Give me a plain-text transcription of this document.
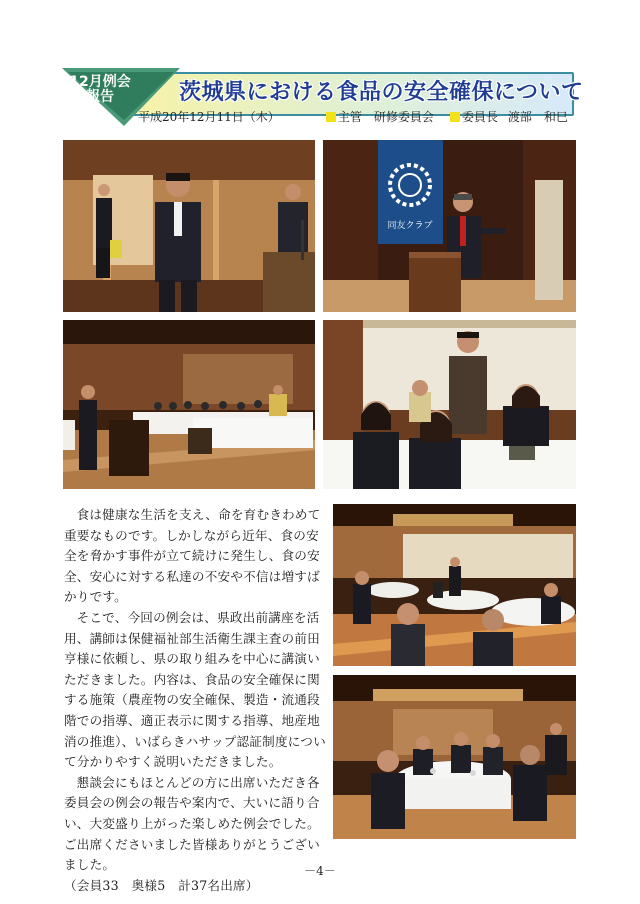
12月例会
報告	茨城県における食品の安全確保について
平成20年12月11日（木）	主管　研修委員会 委員長 渡部　和巳
同友クラブ

食は健康な生活を支え、命を育むきわめて重要なものです。しかしながら近年、食の安全を脅かす事件が立て続けに発生し、食の安全、安心に対する私達の不安や不信は増すばかりです。

そこで、今回の例会は、県政出前講座を活用、講師は保健福祉部生活衛生課主査の前田亨様に依頼し、県の取り組みを中心に講演いただきました。内容は、食品の安全確保に関する施策（農産物の安全確保、製造・流通段階での指導、適正表示に関する指導、地産地消の推進）、いばらきハサップ認証制度について分かりやすく説明いただきました。

懇談会にもほとんどの方に出席いただき各委員会の例会の報告や案内で、大いに語り合い、大変盛り上がった楽しめた例会でした。ご出席くださいました皆様ありがとうございました。

（会員33　奥様5　計37名出席）

－4－
